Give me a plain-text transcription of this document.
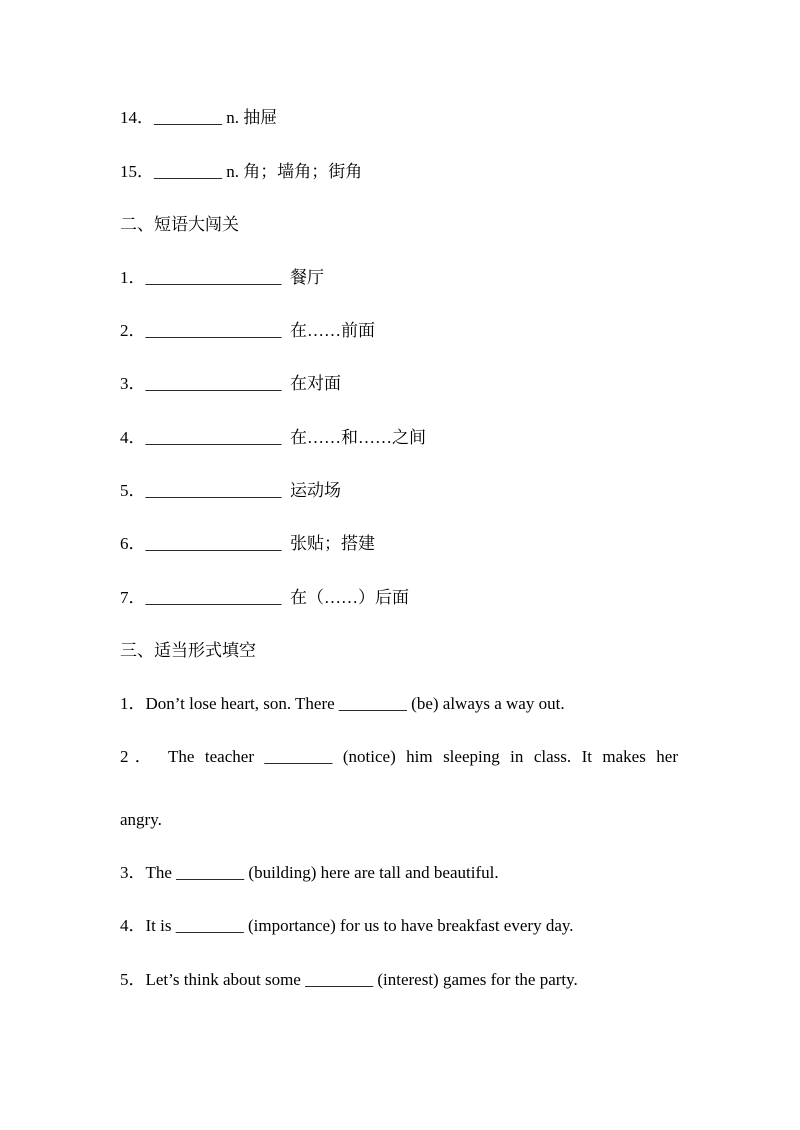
14．________ n. 抽屉
15．________ n. 角；墙角；街角
二、短语大闯关
1．________________  餐厅
2．________________  在……前面
3．________________  在对面
4．________________  在……和……之间
5．________________  运动场
6．________________  张贴；搭建
7．________________  在（……）后面
三、适当形式填空
1．Don’t lose heart, son. There ________ (be) always a way out.
2． The teacher ________ (notice) him sleeping in class. It makes her
angry.
3．The ________ (building) here are tall and beautiful.
4．It is ________ (importance) for us to have breakfast every day.
5．Let’s think about some ________ (interest) games for the party.
